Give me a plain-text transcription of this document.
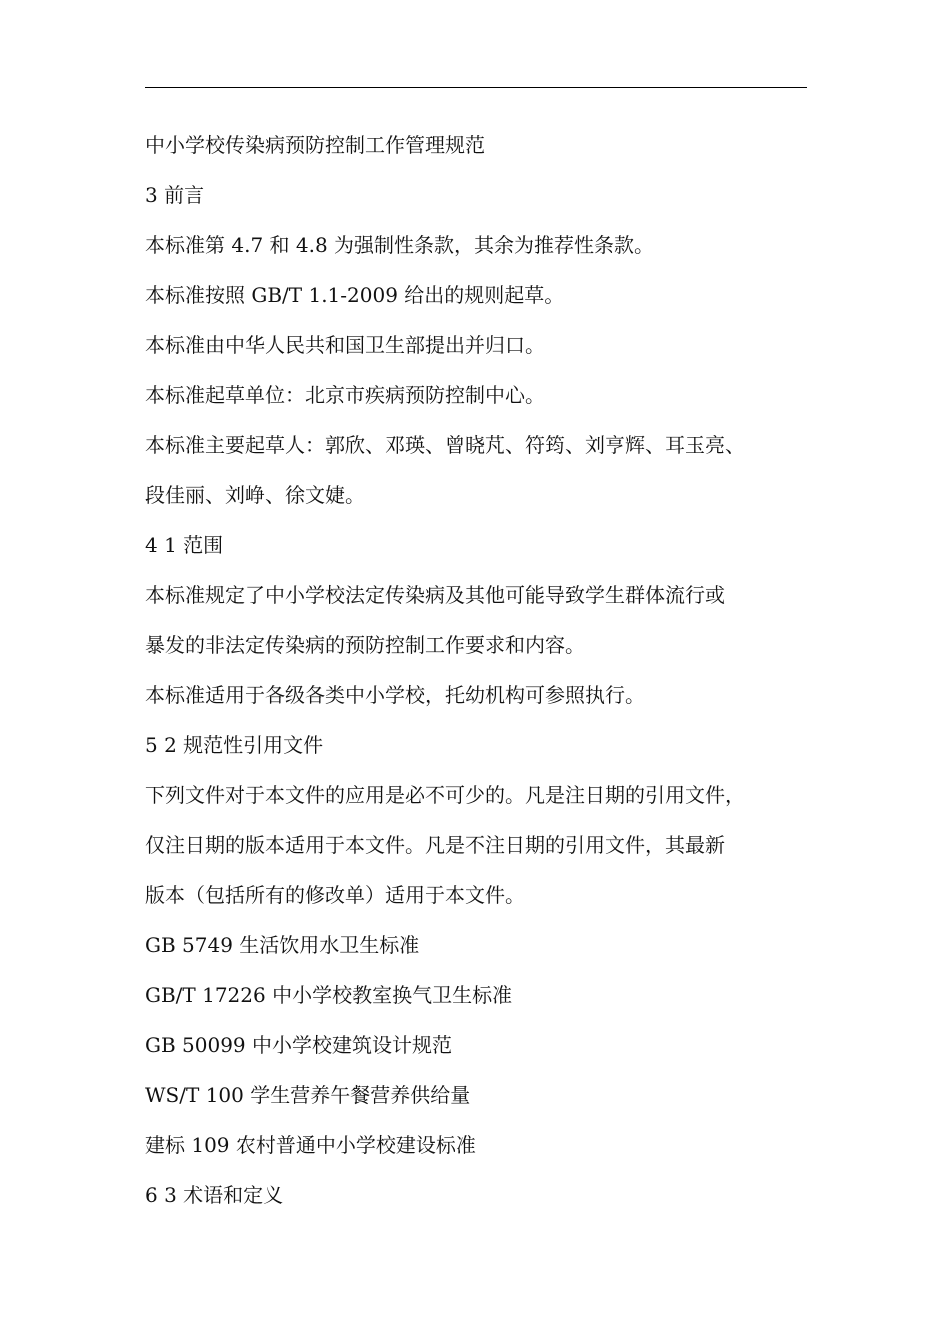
中小学校传染病预防控制工作管理规范
3 前言
本标准第 4.7 和 4.8 为强制性条款，其余为推荐性条款。
本标准按照 GB/T 1.1-2009 给出的规则起草。
本标准由中华人民共和国卫生部提出并归口。
本标准起草单位：北京市疾病预防控制中心。
本标准主要起草人：郭欣、邓瑛、曾晓芃、符筠、刘亨辉、耳玉亮、
段佳丽、刘峥、徐文婕。
4 1 范围
本标准规定了中小学校法定传染病及其他可能导致学生群体流行或
暴发的非法定传染病的预防控制工作要求和内容。
本标准适用于各级各类中小学校，托幼机构可参照执行。
5 2 规范性引用文件
下列文件对于本文件的应用是必不可少的。凡是注日期的引用文件，
仅注日期的版本适用于本文件。凡是不注日期的引用文件，其最新
版本（包括所有的修改单）适用于本文件。
GB 5749 生活饮用水卫生标准
GB/T 17226 中小学校教室换气卫生标准
GB 50099 中小学校建筑设计规范
WS/T 100 学生营养午餐营养供给量
建标 109 农村普通中小学校建设标准
6 3 术语和定义
